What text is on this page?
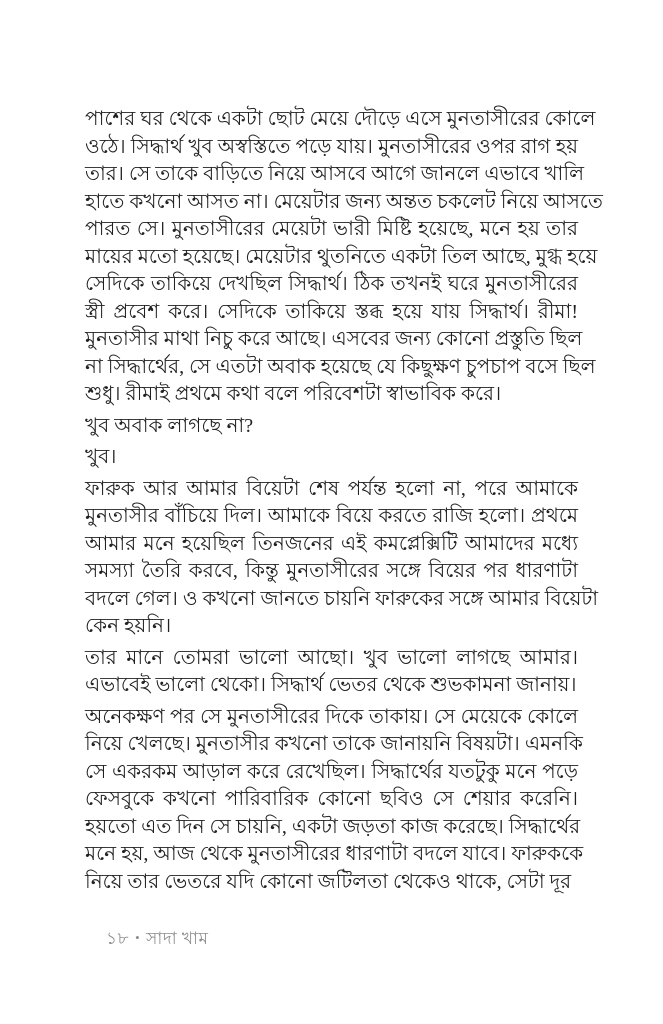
পাশের ঘর থেকে একটা ছোট মেয়ে দৌড়ে এসে মুনতাসীরের কোলে
ওঠে। সিদ্ধার্থ খুব অস্বস্তিতে পড়ে যায়। মুনতাসীরের ওপর রাগ হয়
তার। সে তাকে বাড়িতে নিয়ে আসবে আগে জানলে এভাবে খালি
হাতে কখনো আসত না। মেয়েটার জন্য অন্তত চকলেট নিয়ে আসতে
পারত সে। মুনতাসীরের মেয়েটা ভারী মিষ্টি হয়েছে, মনে হয় তার
মায়ের মতো হয়েছে। মেয়েটার থুতনিতে একটা তিল আছে, মুগ্ধ হয়ে
সেদিকে তাকিয়ে দেখছিল সিদ্ধার্থ। ঠিক তখনই ঘরে মুনতাসীরের
স্ত্রী প্রবেশ করে। সেদিকে তাকিয়ে স্তব্ধ হয়ে যায় সিদ্ধার্থ। রীমা!
মুনতাসীর মাথা নিচু করে আছে। এসবের জন্য কোনো প্রস্তুতি ছিল
না সিদ্ধার্থের, সে এতটা অবাক হয়েছে যে কিছুক্ষণ চুপচাপ বসে ছিল
শুধু। রীমাই প্রথমে কথা বলে পরিবেশটা স্বাভাবিক করে।
খুব অবাক লাগছে না?
খুব।
ফারুক আর আমার বিয়েটা শেষ পর্যন্ত হলো না, পরে আমাকে
মুনতাসীর বাঁচিয়ে দিল। আমাকে বিয়ে করতে রাজি হলো। প্রথমে
আমার মনে হয়েছিল তিনজনের এই কমপ্লেক্সিটি আমাদের মধ্যে
সমস্যা তৈরি করবে, কিন্তু মুনতাসীরের সঙ্গে বিয়ের পর ধারণাটা
বদলে গেল। ও কখনো জানতে চায়নি ফারুকের সঙ্গে আমার বিয়েটা
কেন হয়নি।
তার মানে তোমরা ভালো আছো। খুব ভালো লাগছে আমার।
এভাবেই ভালো থেকো। সিদ্ধার্থ ভেতর থেকে শুভকামনা জানায়।
অনেকক্ষণ পর সে মুনতাসীরের দিকে তাকায়। সে মেয়েকে কোলে
নিয়ে খেলছে। মুনতাসীর কখনো তাকে জানায়নি বিষয়টা। এমনকি
সে একরকম আড়াল করে রেখেছিল। সিদ্ধার্থের যতটুকু মনে পড়ে
ফেসবুকে কখনো পারিবারিক কোনো ছবিও সে শেয়ার করেনি।
হয়তো এত দিন সে চায়নি, একটা জড়তা কাজ করেছে। সিদ্ধার্থের
মনে হয়, আজ থেকে মুনতাসীরের ধারণাটা বদলে যাবে। ফারুককে
নিয়ে তার ভেতরে যদি কোনো জটিলতা থেকেও থাকে, সেটা দূর
১৮ • সাদা খাম
